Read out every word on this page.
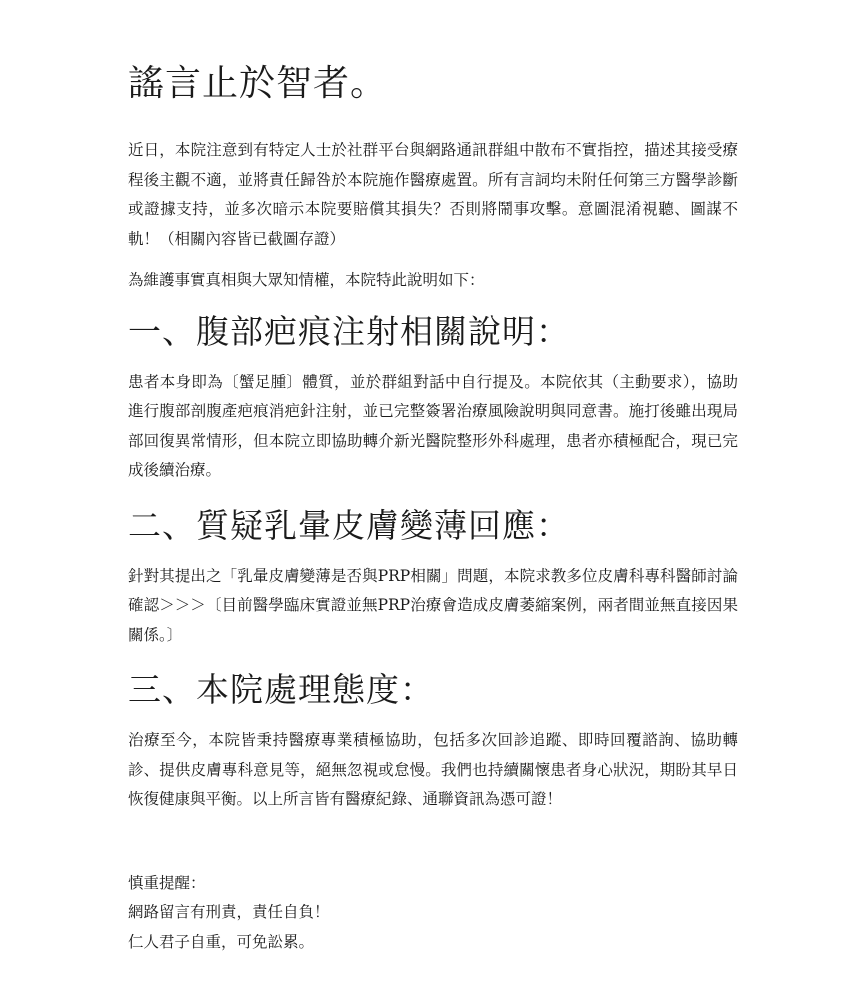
謠言止於智者。

近日，本院注意到有特定人士於社群平台與網路通訊群組中散布不實指控，描述其接受療程後主觀不適，並將責任歸咎於本院施作醫療處置。所有言詞均未附任何第三方醫學診斷或證據支持，並多次暗示本院要賠償其損失？否則將鬧事攻擊。意圖混淆視聽、圖謀不軌！（相關內容皆已截圖存證）

為維護事實真相與大眾知情權，本院特此說明如下：

一、腹部疤痕注射相關說明：

患者本身即為〔蟹足腫〕體質，並於群組對話中自行提及。本院依其（主動要求），協助進行腹部剖腹產疤痕消疤針注射，並已完整簽署治療風險說明與同意書。施打後雖出現局部回復異常情形，但本院立即協助轉介新光醫院整形外科處理，患者亦積極配合，現已完成後續治療。

二、質疑乳暈皮膚變薄回應：

針對其提出之「乳暈皮膚變薄是否與PRP相關」問題，本院求教多位皮膚科專科醫師討論確認＞＞＞〔目前醫學臨床實證並無PRP治療會造成皮膚萎縮案例，兩者間並無直接因果關係。〕

三、本院處理態度：

治療至今，本院皆秉持醫療專業積極協助，包括多次回診追蹤、即時回覆諮詢、協助轉診、提供皮膚專科意見等，絕無忽視或怠慢。我們也持續關懷患者身心狀況，期盼其早日恢復健康與平衡。以上所言皆有醫療紀錄、通聯資訊為憑可證！

慎重提醒：
網路留言有刑責，責任自負！
仁人君子自重，可免訟累。
